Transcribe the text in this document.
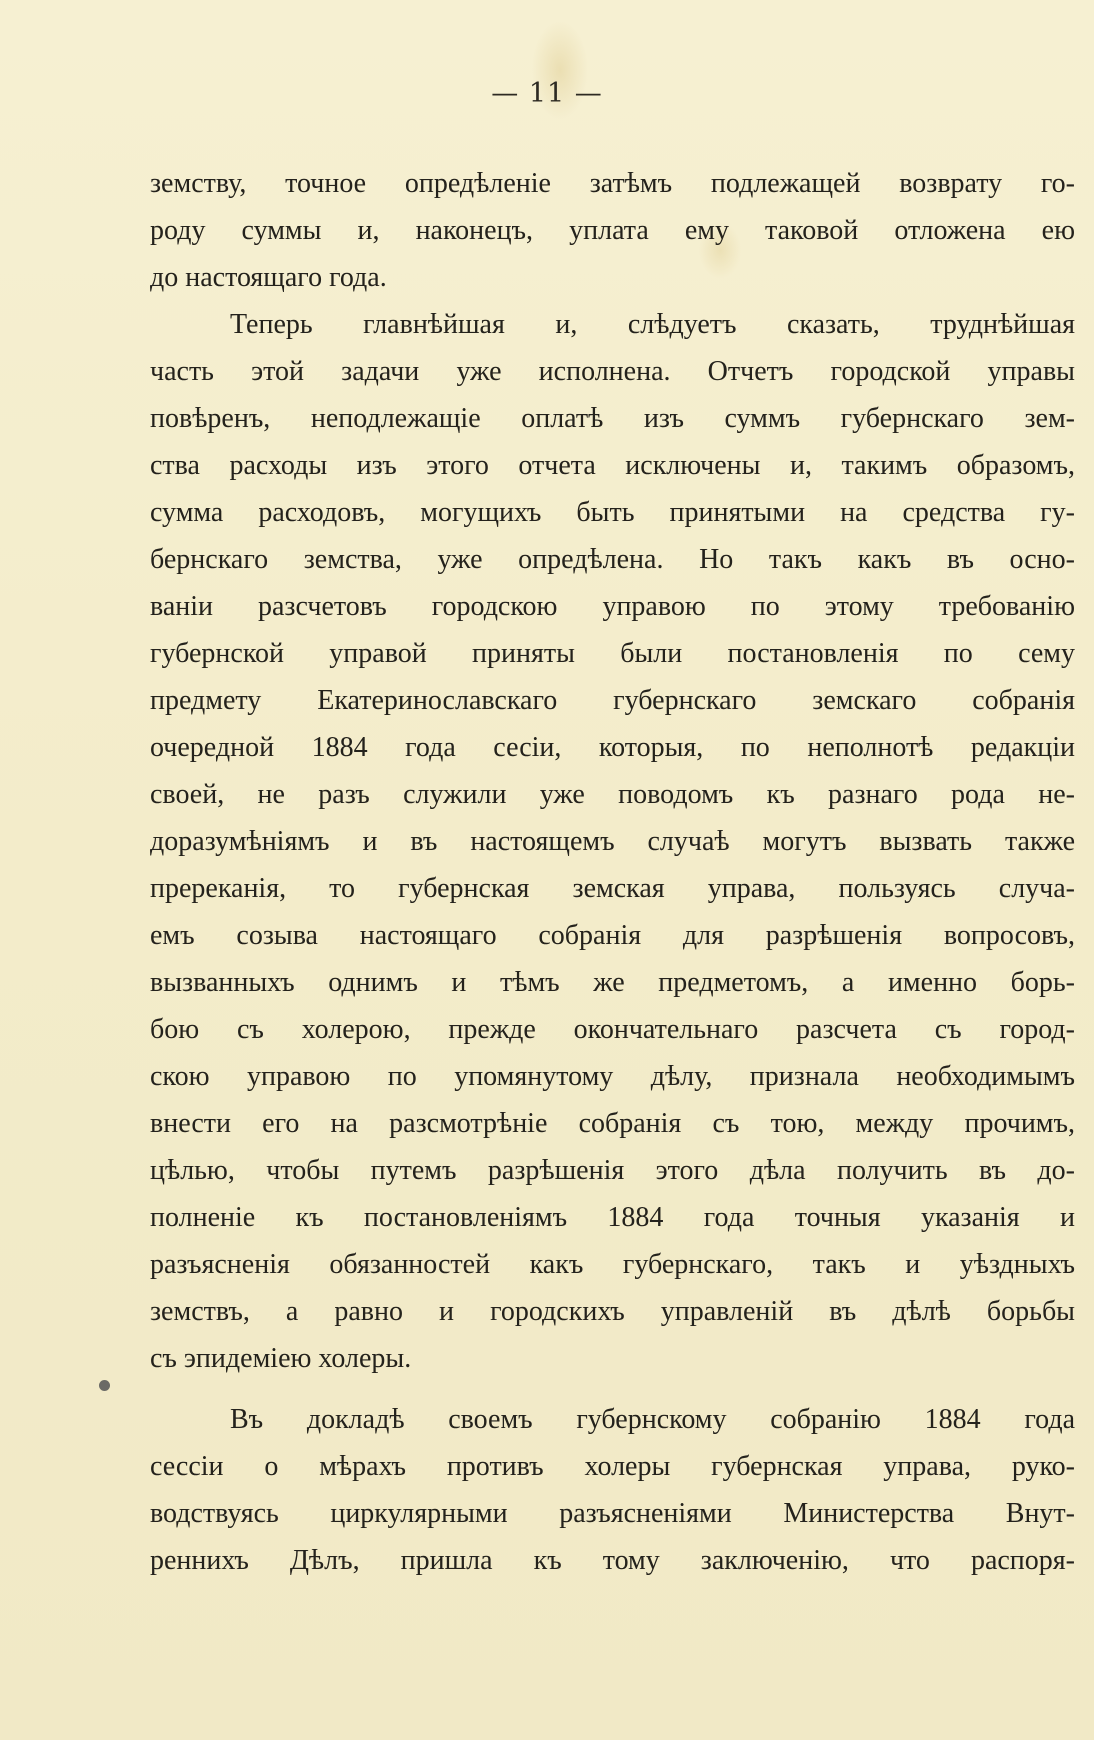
— 11 —
земству, точное опредѣленіе затѣмъ подлежащей возврату го-
роду суммы и, наконецъ, уплата ему таковой отложена ею
до настоящаго года.
Теперь главнѣйшая и, слѣдуетъ сказать, труднѣйшая
часть этой задачи уже исполнена. Отчетъ городской управы
повѣренъ, неподлежащіе оплатѣ изъ суммъ губернскаго зем-
ства расходы изъ этого отчета исключены и, такимъ образомъ,
сумма расходовъ, могущихъ быть принятыми на средства гу-
бернскаго земства, уже опредѣлена. Но такъ какъ въ осно-
ваніи разсчетовъ городскою управою по этому требованію
губернской управой приняты были постановленія по сему
предмету Екатеринославскаго губернскаго земскаго собранія
очередной 1884 года сесіи, которыя, по неполнотѣ редакціи
своей, не разъ служили уже поводомъ къ разнаго рода не-
доразумѣніямъ и въ настоящемъ случаѣ могутъ вызвать также
пререканія, то губернская земская управа, пользуясь случа-
емъ созыва настоящаго собранія для разрѣшенія вопросовъ,
вызванныхъ однимъ и тѣмъ же предметомъ, а именно борь-
бою съ холерою, прежде окончательнаго разсчета съ город-
скою управою по упомянутому дѣлу, признала необходимымъ
внести его на разсмотрѣніе собранія съ тою, между прочимъ,
цѣлью, чтобы путемъ разрѣшенія этого дѣла получить въ до-
полненіе къ постановленіямъ 1884 года точныя указанія и
разъясненія обязанностей какъ губернскаго, такъ и уѣздныхъ
земствъ, а равно и городскихъ управленій въ дѣлѣ борьбы
съ эпидеміею холеры.
Въ докладѣ своемъ губернскому собранію 1884 года
сессіи о мѣрахъ противъ холеры губернская управа, руко-
водствуясь циркулярными разъясненіями Министерства Внут-
реннихъ Дѣлъ, пришла къ тому заключенію, что распоря-
